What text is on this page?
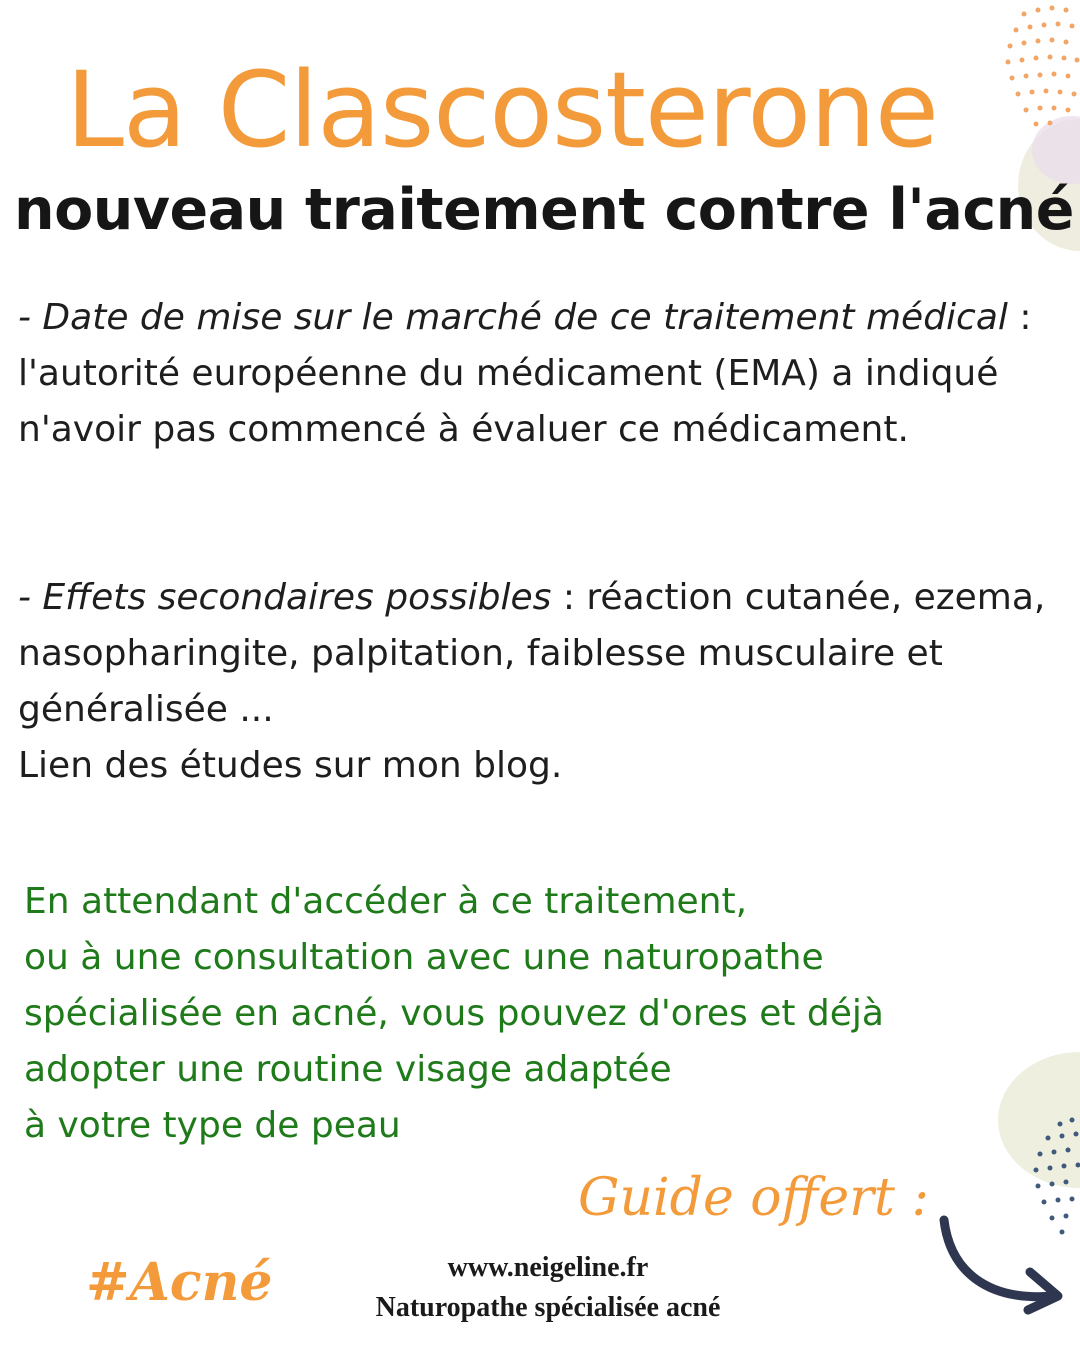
La Clascosterone
nouveau traitement contre l'acné

- Date de mise sur le marché de ce traitement médical : l'autorité européenne du médicament (EMA) a indiqué n'avoir pas commencé à évaluer ce médicament.

- Effets secondaires possibles : réaction cutanée, ezema, nasopharingite, palpitation, faiblesse musculaire et généralisée ...
Lien des études sur mon blog.

En attendant d'accéder à ce traitement,
ou à une consultation avec une naturopathe
spécialisée en acné, vous pouvez d'ores et déjà
adopter une routine visage adaptée
à votre type de peau

Guide offert :
#Acné	www.neigeline.fr
Naturopathe spécialisée acné
